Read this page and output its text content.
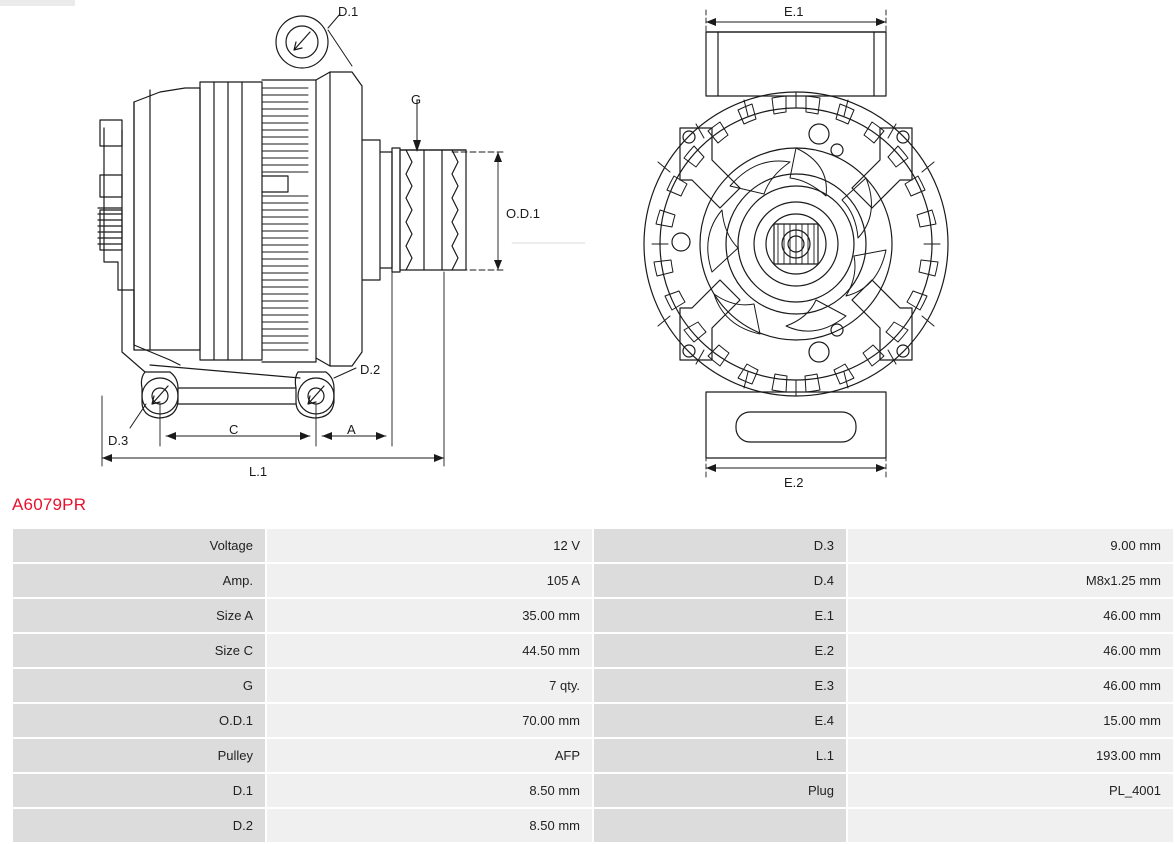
D.1
D.2
D.3
G
O.D.1
C	A
L.1
E.1
E.2
A6079PR
Voltage	12 V	D.3	9.00 mm
Amp.	105 A	D.4	M8x1.25 mm
Size A	35.00 mm	E.1	46.00 mm
Size C	44.50 mm	E.2	46.00 mm
G	7 qty.	E.3	46.00 mm
O.D.1	70.00 mm	E.4	15.00 mm
Pulley	AFP	L.1	193.00 mm
D.1	8.50 mm	Plug	PL_4001
D.2	8.50 mm		
